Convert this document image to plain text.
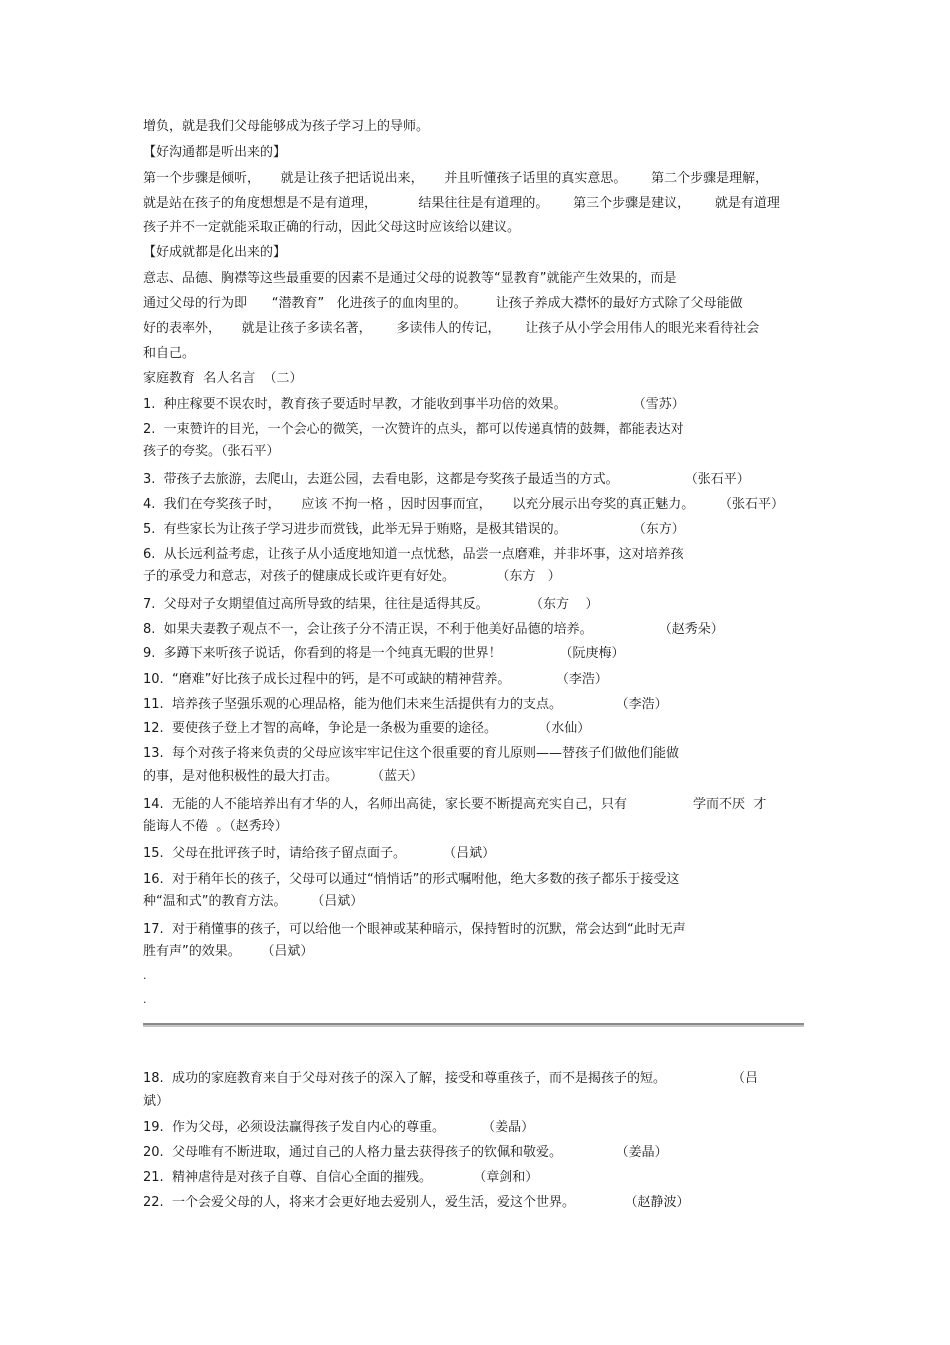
增负，就是我们父母能够成为孩子学习上的导师。
【好沟通都是听出来的】
第一个步骤是倾听，     就是让孩子把话说出来，     并且听懂孩子话里的真实意思。      第二个步骤是理解，
就是站在孩子的角度想想是不是有道理，          结果往往是有道理的。      第三个步骤是建议，      就是有道理
孩子并不一定就能采取正确的行动，因此父母这时应该给以建议。
【好成就都是化出来的】
意志、品德、胸襟等这些最重要的因素不是通过父母的说教等“显教育”就能产生效果的，而是
通过父母的行为即      “潜教育”   化进孩子的血肉里的。       让孩子养成大襟怀的最好方式除了父母能做
好的表率外，     就是让孩子多读名著，      多读伟人的传记，      让孩子从小学会用伟人的眼光来看待社会
和自己。
家庭教育  名人名言  （二）
1.  种庄稼要不误农时，教育孩子要适时早教，才能收到事半功倍的效果。                （雪苏）
2.  一束赞许的目光，一个会心的微笑，一次赞许的点头，都可以传递真情的鼓舞，都能表达对
孩子的夸奖。（张石平）
3.  带孩子去旅游，去爬山，去逛公园，去看电影，这都是夸奖孩子最适当的方式。                （张石平）
4.  我们在夸奖孩子时，     应该 不拘一格 ，因时因事而宜，     以充分展示出夸奖的真正魅力。      （张石平）
5.  有些家长为让孩子学习进步而赏钱，此举无异于贿赂，是极其错误的。                （东方）
6.  从长远利益考虑，让孩子从小适度地知道一点忧愁，品尝一点磨难，并非坏事，这对培养孩
子的承受力和意志，对孩子的健康成长或许更有好处。          （东方   ）
7.  父母对子女期望值过高所导致的结果，往往是适得其反。          （东方    ）
8.  如果夫妻教子观点不一，会让孩子分不清正误，不利于他美好品德的培养。                （赵秀朵）
9.  多蹲下来听孩子说话，你看到的将是一个纯真无暇的世界！              （阮庚梅）
10.  “磨难”好比孩子成长过程中的钙，是不可或缺的精神营养。           （李浩）
11.  培养孩子坚强乐观的心理品格，能为他们未来生活提供有力的支点。             （李浩）
12.  要使孩子登上才智的高峰，争论是一条极为重要的途径。          （水仙）
13.  每个对孩子将来负责的父母应该牢牢记住这个很重要的育儿原则——替孩子们做他们能做
的事，是对他积极性的最大打击。        （蓝天）
14.  无能的人不能培养出有才华的人，名师出高徒，家长要不断提高充实自己，只有                学而不厌  才
能诲人不倦  。（赵秀玲）
15.  父母在批评孩子时，请给孩子留点面子。         （吕斌）
16.  对于稍年长的孩子，父母可以通过“悄悄话”的形式嘱咐他，绝大多数的孩子都乐于接受这
种“温和式”的教育方法。      （吕斌）
17.  对于稍懂事的孩子，可以给他一个眼神或某种暗示，保持暂时的沉默，常会达到“此时无声
胜有声”的效果。     （吕斌）
.
.
18.  成功的家庭教育来自于父母对孩子的深入了解，接受和尊重孩子，而不是揭孩子的短。                （吕
斌）
19.  作为父母，必须设法赢得孩子发自内心的尊重。         （姜晶）
20.  父母唯有不断进取，通过自己的人格力量去获得孩子的钦佩和敬爱。             （姜晶）
21.  精神虐待是对孩子自尊、自信心全面的摧残。          （章剑和）
22.  一个会爱父母的人，将来才会更好地去爱别人，爱生活，爱这个世界。            （赵静波）
